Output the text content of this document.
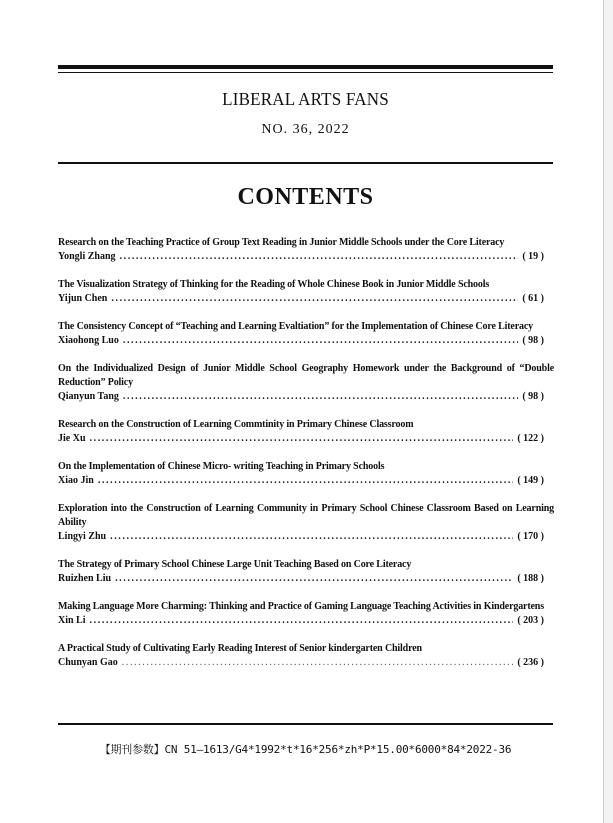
LIBERAL ARTS FANS
NO. 36, 2022
CONTENTS
Research on the Teaching Practice of Group Text Reading in Junior Middle Schools under the Core Literacy
Yongli Zhang .....	( 19 )
The Visualization Strategy of Thinking for the Reading of Whole Chinese Book in Junior Middle Schools
Yijun Chen .....	( 61 )
The Consistency Concept of “Teaching and Learning Evaltiation” for the Implementation of Chinese Core Literacy
Xiaohong Luo .....	( 98 )
On the Individualized Design of Junior Middle School Geography Homework under the Background of “Double Reduction” Policy
Qianyun Tang .....	( 98 )
Research on the Construction of Learning Commtinity in Primary Chinese Classroom
Jie Xu .....	( 122 )
On the Implementation of Chinese Micro- writing Teaching in Primary Schools
Xiao Jin .....	( 149 )
Exploration into the Construction of Learning Community in Primary School Chinese Classroom Based on Learning Ability
Lingyi Zhu .....	( 170 )
The Strategy of Primary School Chinese Large Unit Teaching Based on Core Literacy
Ruizhen Liu .....	( 188 )
Making Language More Charming: Thinking and Practice of Gaming Language Teaching Activities in Kindergartens
Xin Li .....	( 203 )
A Practical Study of Cultivating Early Reading Interest of Senior kindergarten Children
Chunyan Gao .....	( 236 )
【期刊参数】CN 51—1613/G4*1992*t*16*256*zh*P*15.00*6000*84*2022-36
